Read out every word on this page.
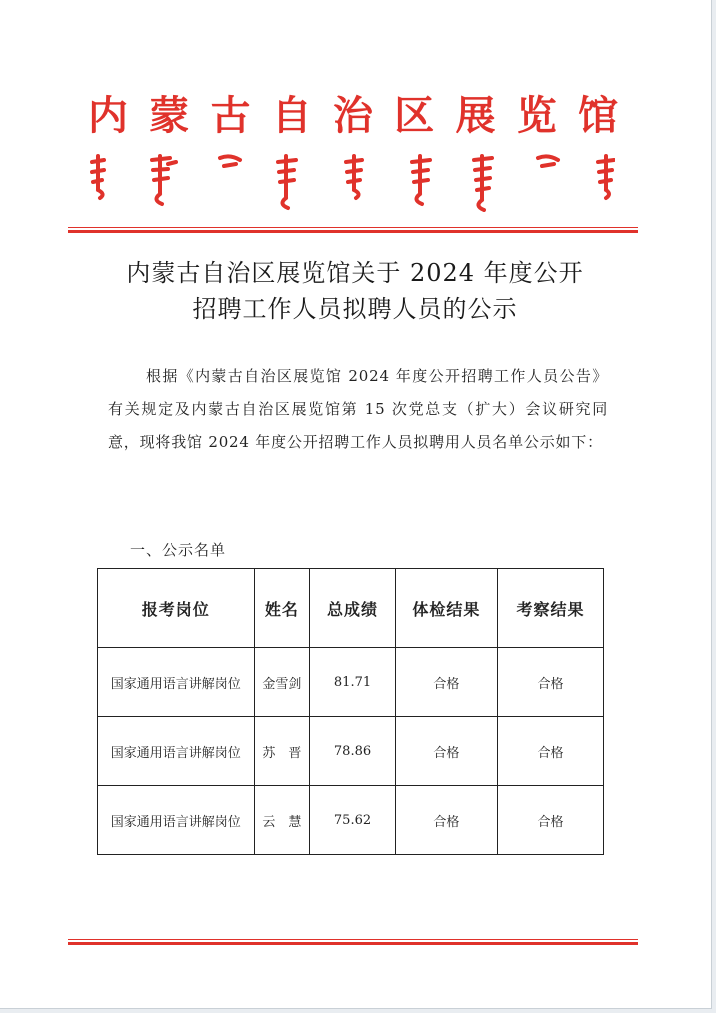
内 蒙 古 自 治 区 展 览 馆
内蒙古自治区展览馆关于 2024 年度公开
招聘工作人员拟聘人员的公示
根据《内蒙古自治区展览馆 2024 年度公开招聘工作人员公告》有关规定及内蒙古自治区展览馆第 15 次党总支（扩大）会议研究同意，现将我馆 2024 年度公开招聘工作人员拟聘用人员名单公示如下：
一、公示名单
报考岗位	姓名	总成绩	体检结果	考察结果
国家通用语言讲解岗位	金雪剑	81.71	合格	合格
国家通用语言讲解岗位	苏　晋	78.86	合格	合格
国家通用语言讲解岗位	云　慧	75.62	合格	合格
